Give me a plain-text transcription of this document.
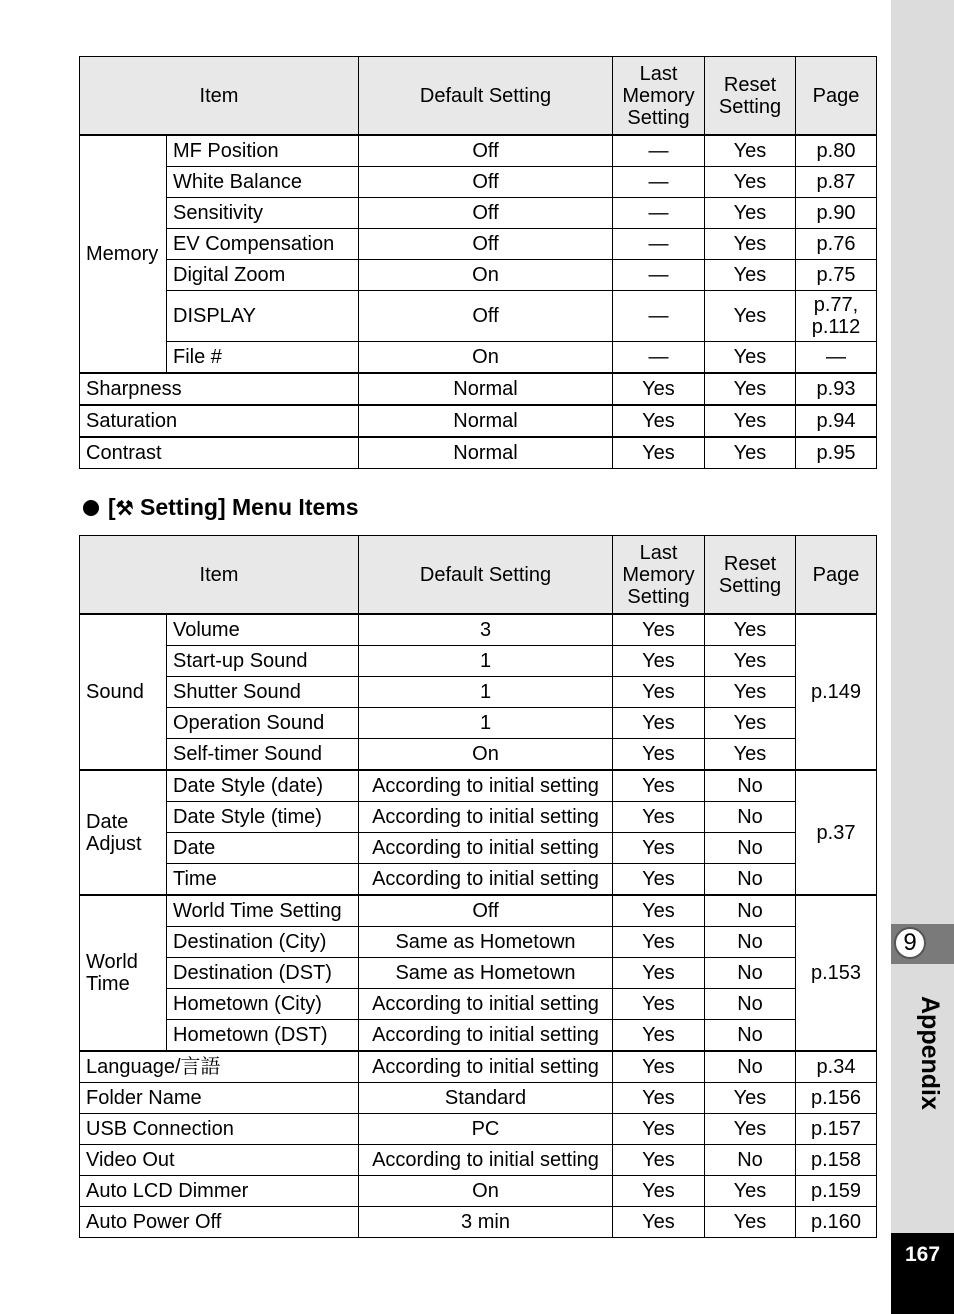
9
Appendix
167
Item		Default Setting	Last Memory Setting	Reset Setting	Page
Memory	MF Position	Off	—	Yes	p.80
	White Balance	Off	—	Yes	p.87
	Sensitivity	Off	—	Yes	p.90
	EV Compensation	Off	—	Yes	p.76
	Digital Zoom	On	—	Yes	p.75
	DISPLAY	Off	—	Yes	p.77, p.112
	File #	On	—	Yes	—
Sharpness		Normal	Yes	Yes	p.93
Saturation		Normal	Yes	Yes	p.94
Contrast		Normal	Yes	Yes	p.95
[⚒ Setting] Menu Items
Item		Default Setting	Last Memory Setting	Reset Setting	Page
Sound	Volume	3	Yes	Yes	p.149
	Start-up Sound	1	Yes	Yes	
	Shutter Sound	1	Yes	Yes	
	Operation Sound	1	Yes	Yes	
	Self-timer Sound	On	Yes	Yes	
Date Adjust	Date Style (date)	According to initial setting	Yes	No	p.37
	Date Style (time)	According to initial setting	Yes	No	
	Date	According to initial setting	Yes	No	
	Time	According to initial setting	Yes	No	
World Time	World Time Setting	Off	Yes	No	p.153
	Destination (City)	Same as Hometown	Yes	No	
	Destination (DST)	Same as Hometown	Yes	No	
	Hometown (City)	According to initial setting	Yes	No	
	Hometown (DST)	According to initial setting	Yes	No	
Language/言語		According to initial setting	Yes	No	p.34
Folder Name		Standard	Yes	Yes	p.156
USB Connection		PC	Yes	Yes	p.157
Video Out		According to initial setting	Yes	No	p.158
Auto LCD Dimmer		On	Yes	Yes	p.159
Auto Power Off		3 min	Yes	Yes	p.160
